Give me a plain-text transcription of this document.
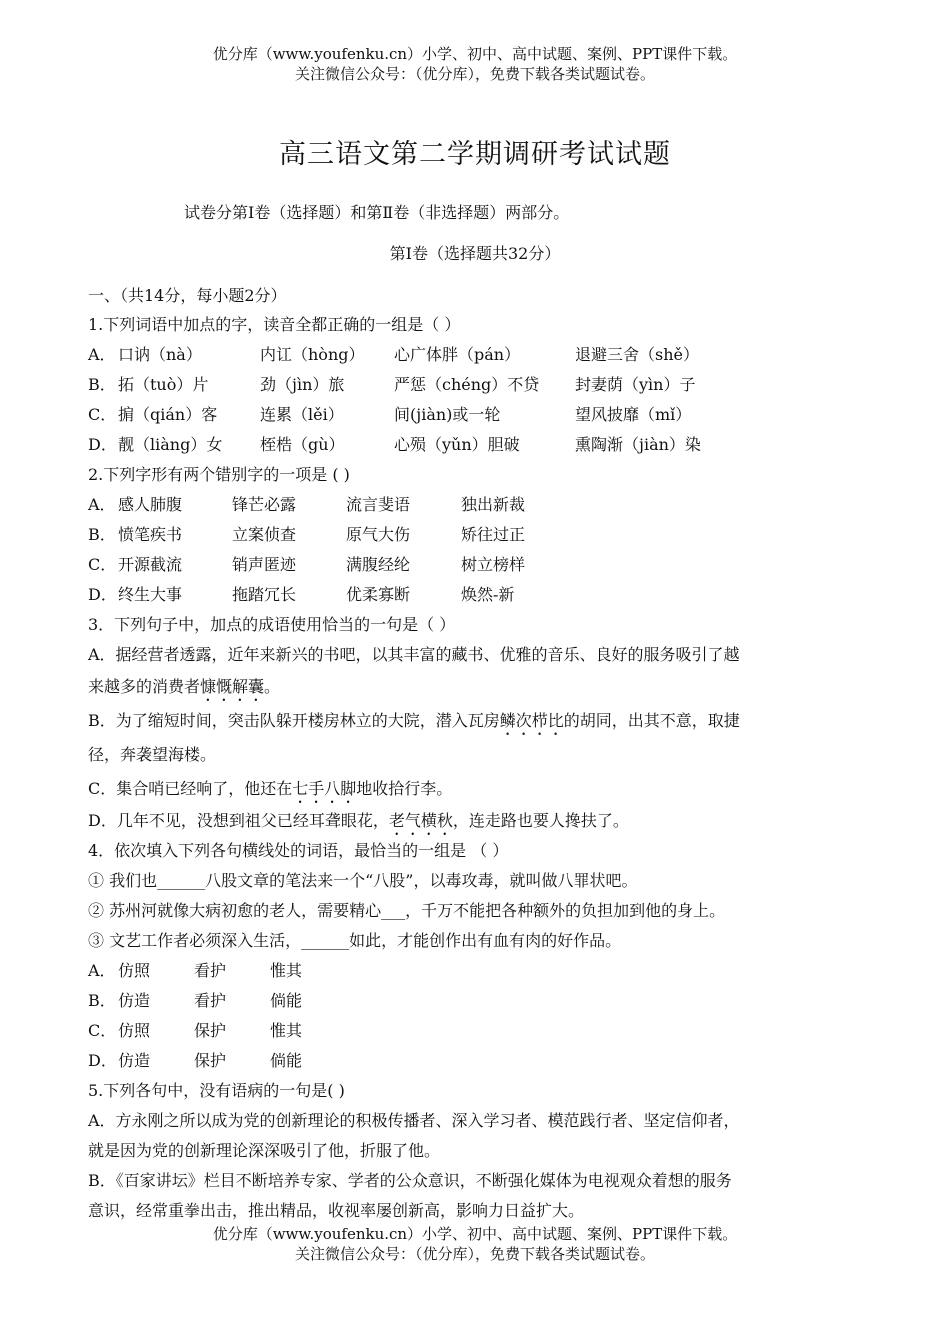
优分库（www.youfenku.cn）小学、初中、高中试题、案例、PPT课件下载。
关注微信公众号：（优分库），免费下载各类试题试卷。
高三语文第二学期调研考试试题
试卷分第Ⅰ卷（选择题）和第Ⅱ卷（非选择题）两部分。
第Ⅰ卷（选择题共32分）
一、（共14分，每小题2分）
1.下列词语中加点的字，读音全都正确的一组是（ ）
A． 口讷（nà）	内讧（hòng） 心广体胖（pán）	退避三舍（shě）
B． 拓（tuò）片	劲（jìn）旅	严惩（chéng）不贷 封妻荫（yìn）子
C． 掮（qián）客	连累（lěi）	间(jiàn)或一轮	望风披靡（mǐ）
D． 靓（liàng）女 桎梏（gù）	心殒（yǔn）胆破	熏陶渐（jiàn）染
2.下列字形有两个错别字的一项是 ( )
A． 感人肺腹	锋芒必露	流言斐语	独出新裁
B． 愤笔疾书	立案侦查	原气大伤	矫往过正
C． 开源截流	销声匿迹	满腹经纶	树立榜样
D． 终生大事	拖踏冗长	优柔寡断	焕然-新
3．下列句子中，加点的成语使用恰当的一句是（ ）
A．据经营者透露，近年来新兴的书吧，以其丰富的藏书、优雅的音乐、良好的服务吸引了越
来越多的消费者慷慨解囊。
B．为了缩短时间，突击队躲开楼房林立的大院，潜入瓦房鳞次栉比的胡同，出其不意，取捷
径，奔袭望海楼。
C．集合哨已经响了，他还在七手八脚地收拾行李。
D．几年不见，没想到祖父已经耳聋眼花，老气横秋，连走路也要人搀扶了。
4．依次填入下列各句横线处的词语，最恰当的一组是 （ ）
① 我们也______八股文章的笔法来一个“八股”，以毒攻毒，就叫做八罪状吧。
② 苏州河就像大病初愈的老人，需要精心___，千万不能把各种额外的负担加到他的身上。
③ 文艺工作者必须深入生活，______如此，才能创作出有血有肉的好作品。
A． 仿照	看护	惟其
B． 仿造	看护	倘能
C． 仿照	保护	惟其
D． 仿造	保护	倘能
5.下列各句中，没有语病的一句是( )
A．方永刚之所以成为党的创新理论的积极传播者、深入学习者、模范践行者、坚定信仰者，
就是因为党的创新理论深深吸引了他，折服了他。
B．《百家讲坛》栏目不断培养专家、学者的公众意识，不断强化媒体为电视观众着想的服务
意识，经常重拳出击，推出精品，收视率屡创新高，影响力日益扩大。
优分库（www.youfenku.cn）小学、初中、高中试题、案例、PPT课件下载。
关注微信公众号：（优分库），免费下载各类试题试卷。
